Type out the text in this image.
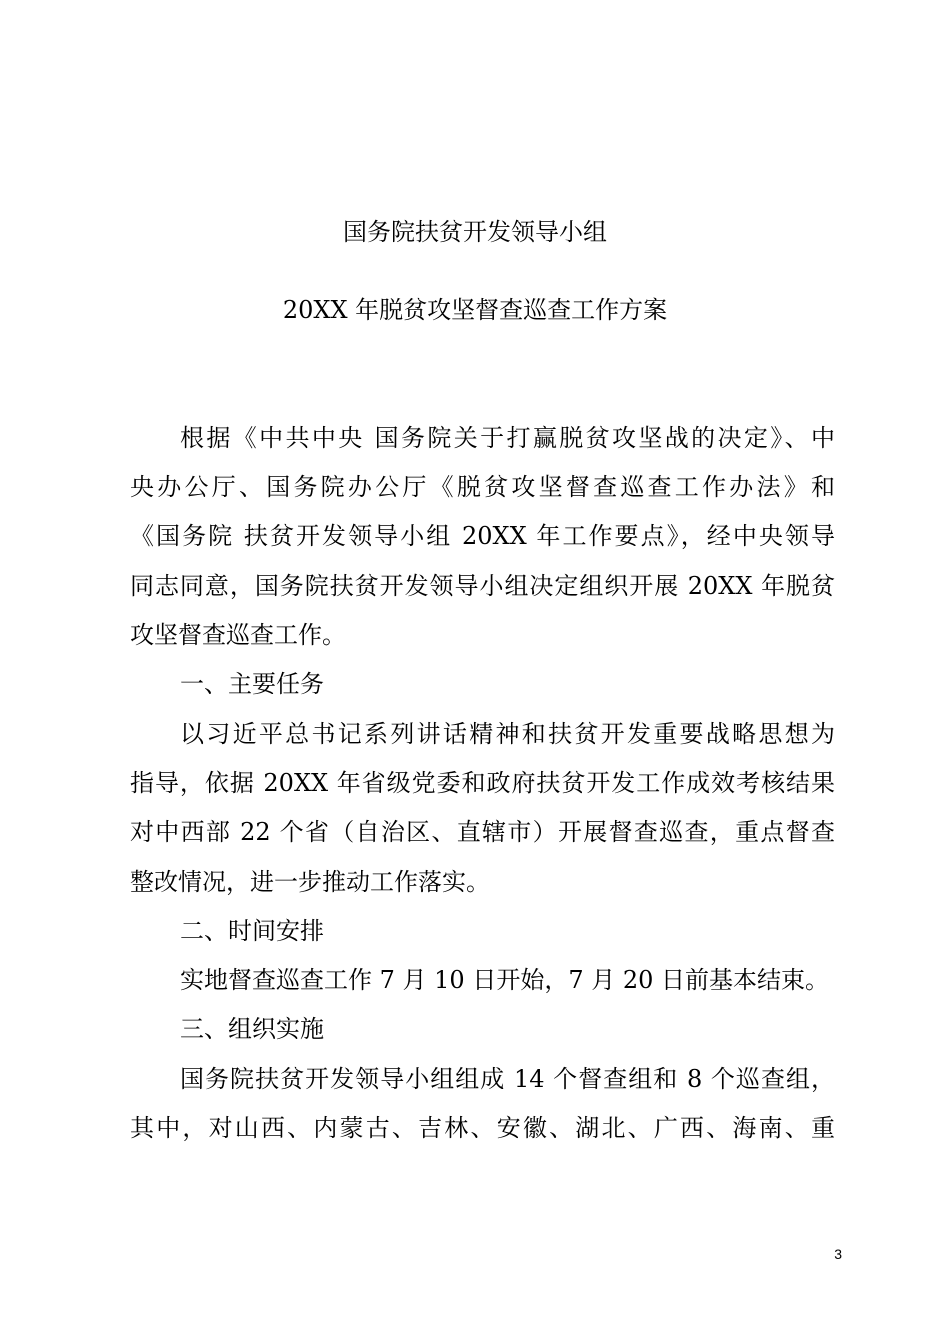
国务院扶贫开发领导小组
20XX 年脱贫攻坚督查巡查工作方案
根据《中共中央 国务院关于打赢脱贫攻坚战的决定》、中
央办公厅、国务院办公厅《脱贫攻坚督查巡查工作办法》和
《国务院 扶贫开发领导小组 20XX 年工作要点》，经中央领导
同志同意，国务院扶贫开发领导小组决定组织开展 20XX 年脱贫
攻坚督查巡查工作。
一、主要任务
以习近平总书记系列讲话精神和扶贫开发重要战略思想为
指导，依据 20XX 年省级党委和政府扶贫开发工作成效考核结果
对中西部 22 个省（自治区、直辖市）开展督查巡查，重点督查
整改情况，进一步推动工作落实。
二、时间安排
实地督查巡查工作 7 月 10 日开始，7 月 20 日前基本结束。
三、组织实施
国务院扶贫开发领导小组组成 14 个督查组和 8 个巡查组，
其中，对山西、内蒙古、吉林、安徽、湖北、广西、海南、重
3
